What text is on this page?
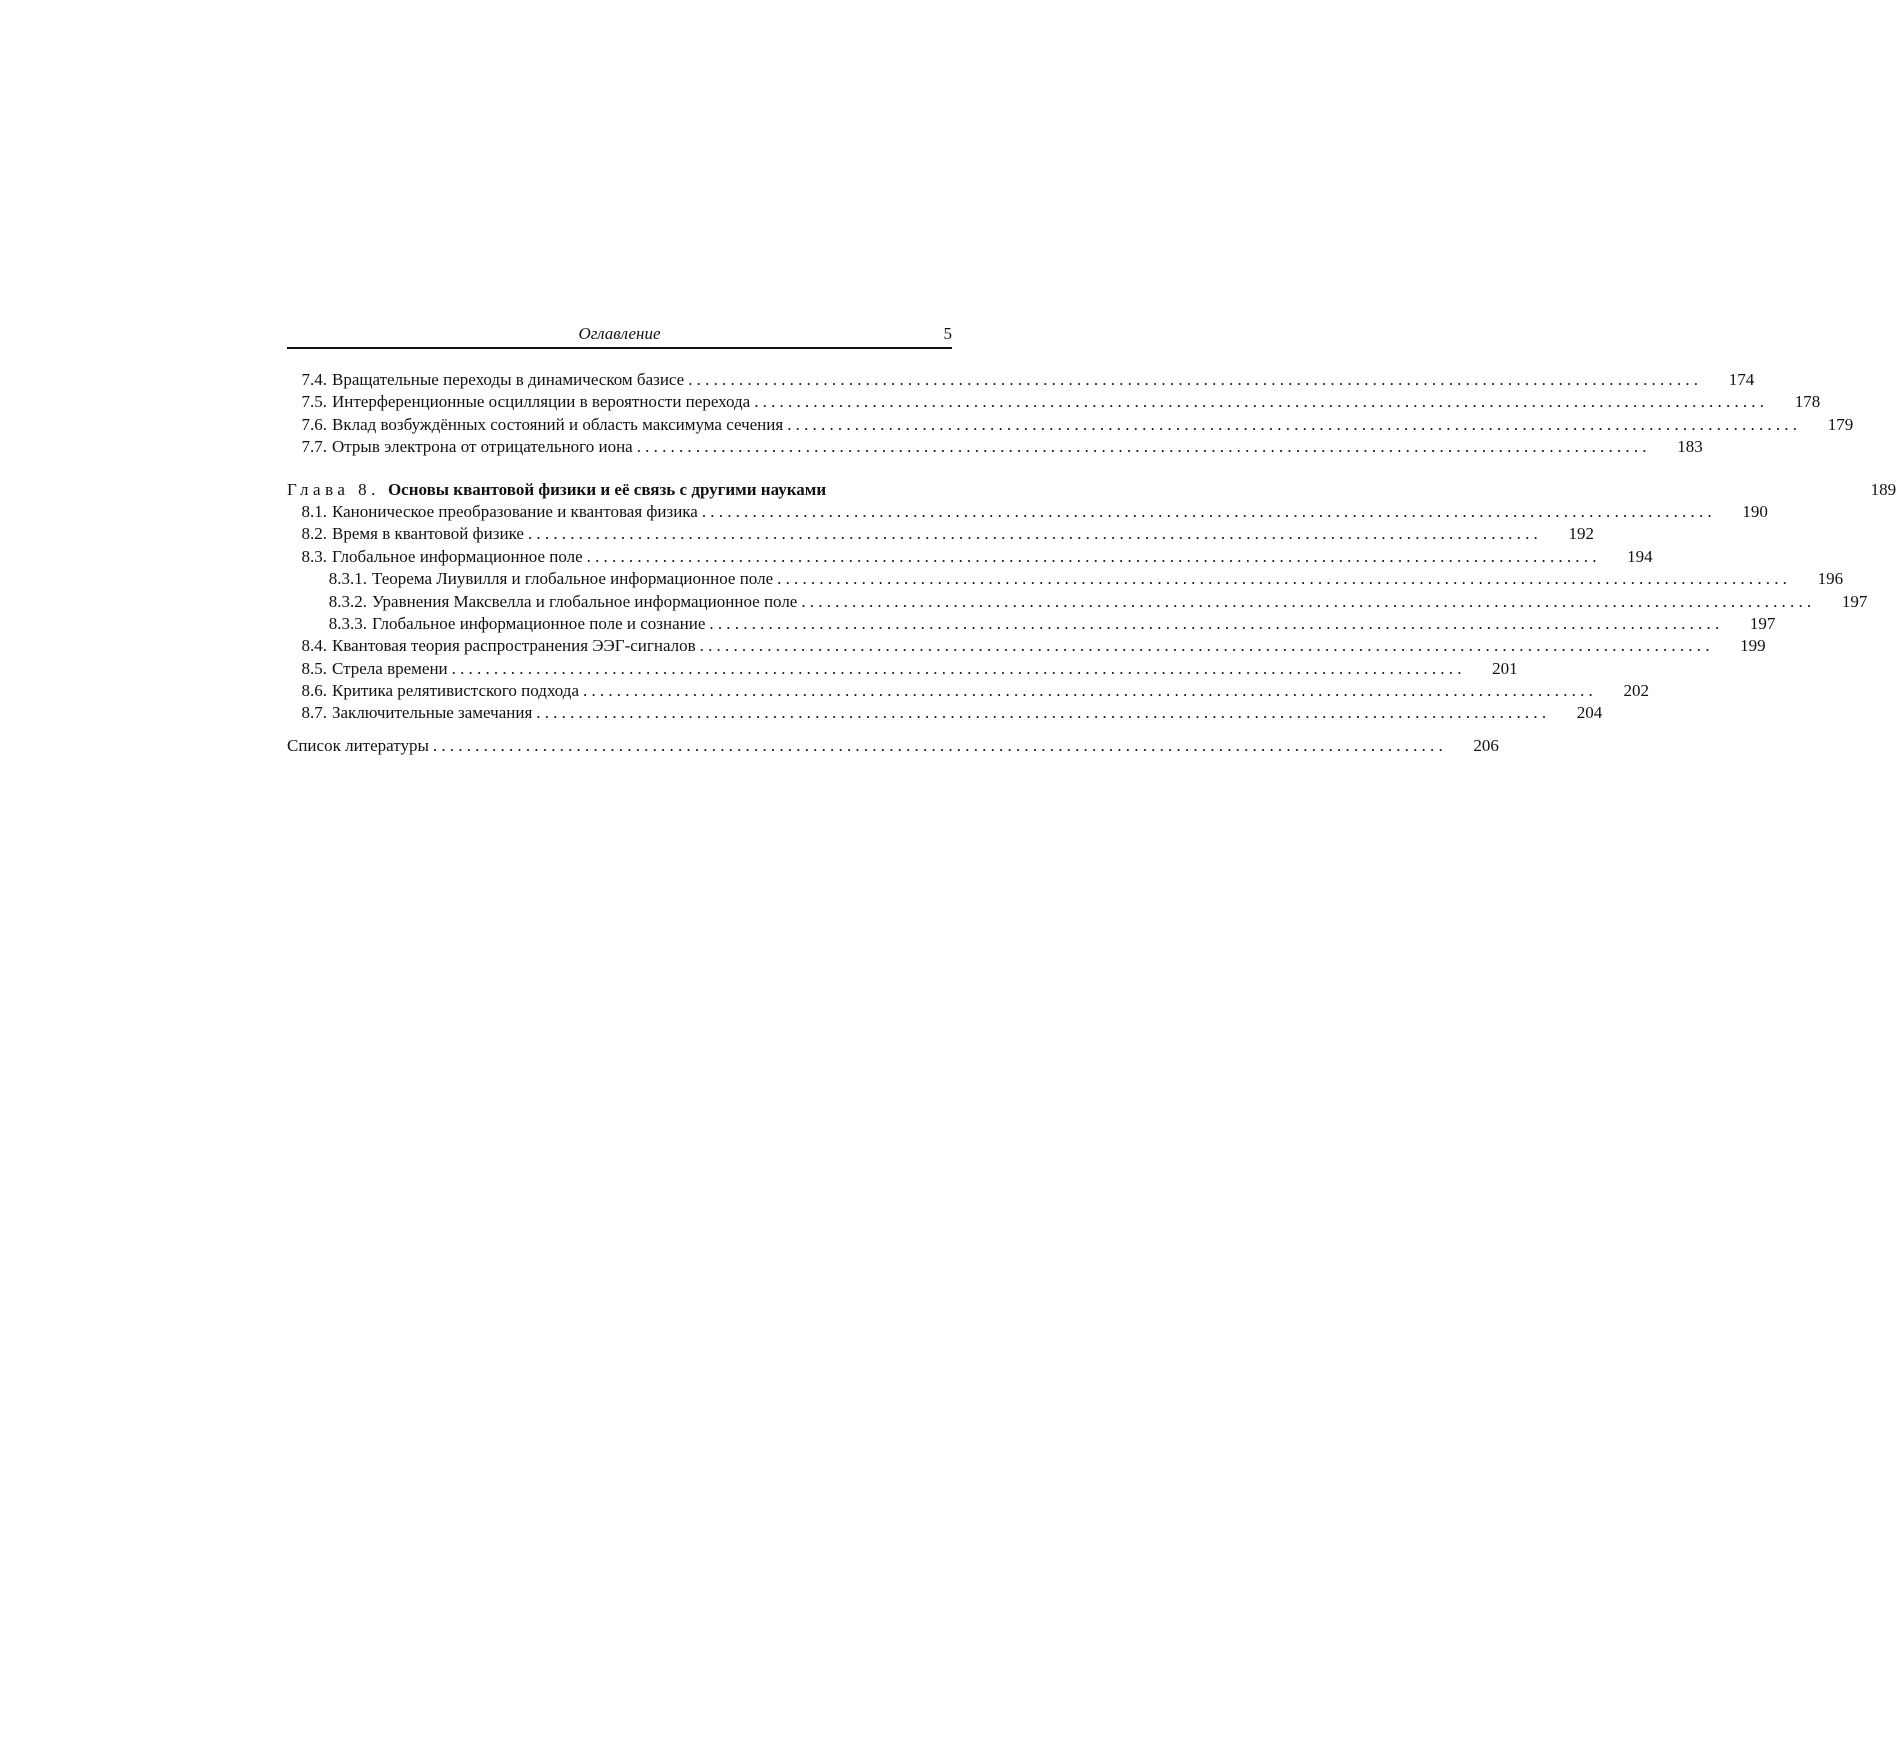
Оглавление	5
7.4. Вращательные переходы в динамическом базисе ........................................................................................................................	174
7.5. Интерференционные осцилляции в вероятности перехода ........................................................................................................................	178
7.6. Вклад возбуждённых состояний и область максимума сечения ........................................................................................................................	179
7.7. Отрыв электрона от отрицательного иона ........................................................................................................................	183
Глава 8. Основы квантовой физики и её связь с другими науками	189
8.1. Каноническое преобразование и квантовая физика ........................................................................................................................	190
8.2. Время в квантовой физике ........................................................................................................................	192
8.3. Глобальное информационное поле ........................................................................................................................	194
8.3.1. Теорема Лиувилля и глобальное информационное поле ........................................................................................................................	196
8.3.2. Уравнения Максвелла и глобальное информационное поле ........................................................................................................................	197
8.3.3. Глобальное информационное поле и сознание ........................................................................................................................	197
8.4. Квантовая теория распространения ЭЭГ-сигналов ........................................................................................................................	199
8.5. Стрела времени ........................................................................................................................	201
8.6. Критика релятивистского подхода ........................................................................................................................	202
8.7. Заключительные замечания ........................................................................................................................	204
Список литературы ........................................................................................................................	206
